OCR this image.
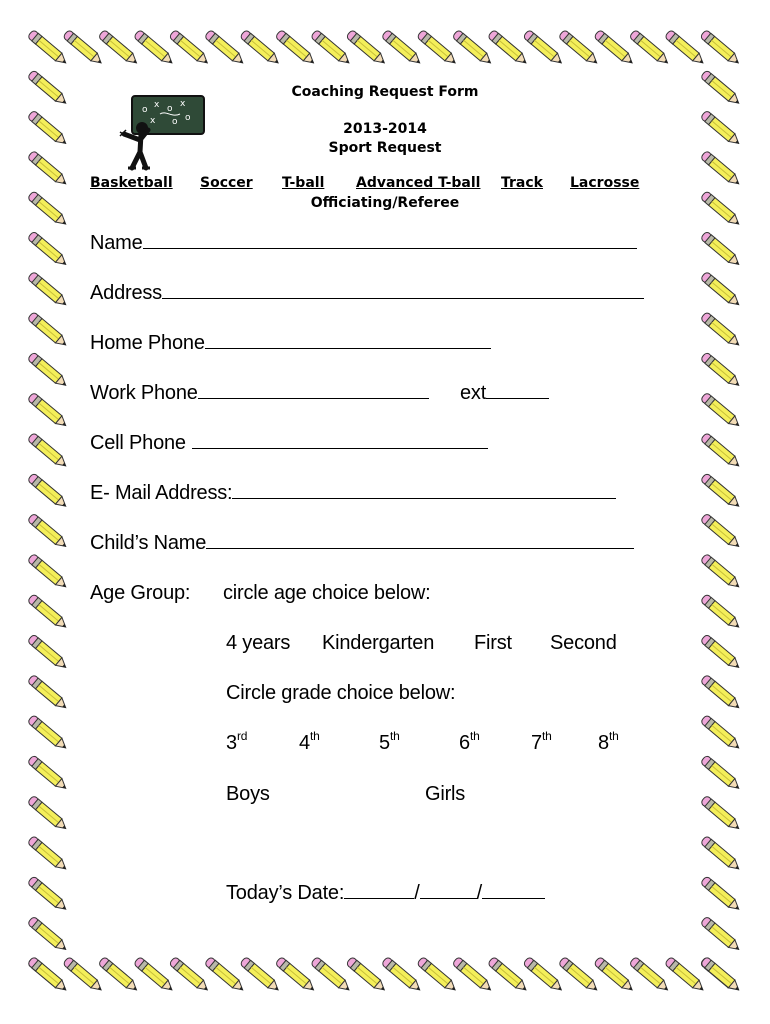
o x o x
x o o
Coaching Request Form
2013-2014
Sport Request
Basketball Soccer T-ball Advanced T-ball Track Lacrosse
Officiating/Referee
Name
Address
Home Phone
Work Phone	ext
Cell Phone
E- Mail Address:
Child’s Name
Age Group: circle age choice below:
4 years Kindergarten First Second
Circle grade choice below:
3rd	4th	5th	6th	7th 8th
Boys	Girls
Today’s Date:	/	/
